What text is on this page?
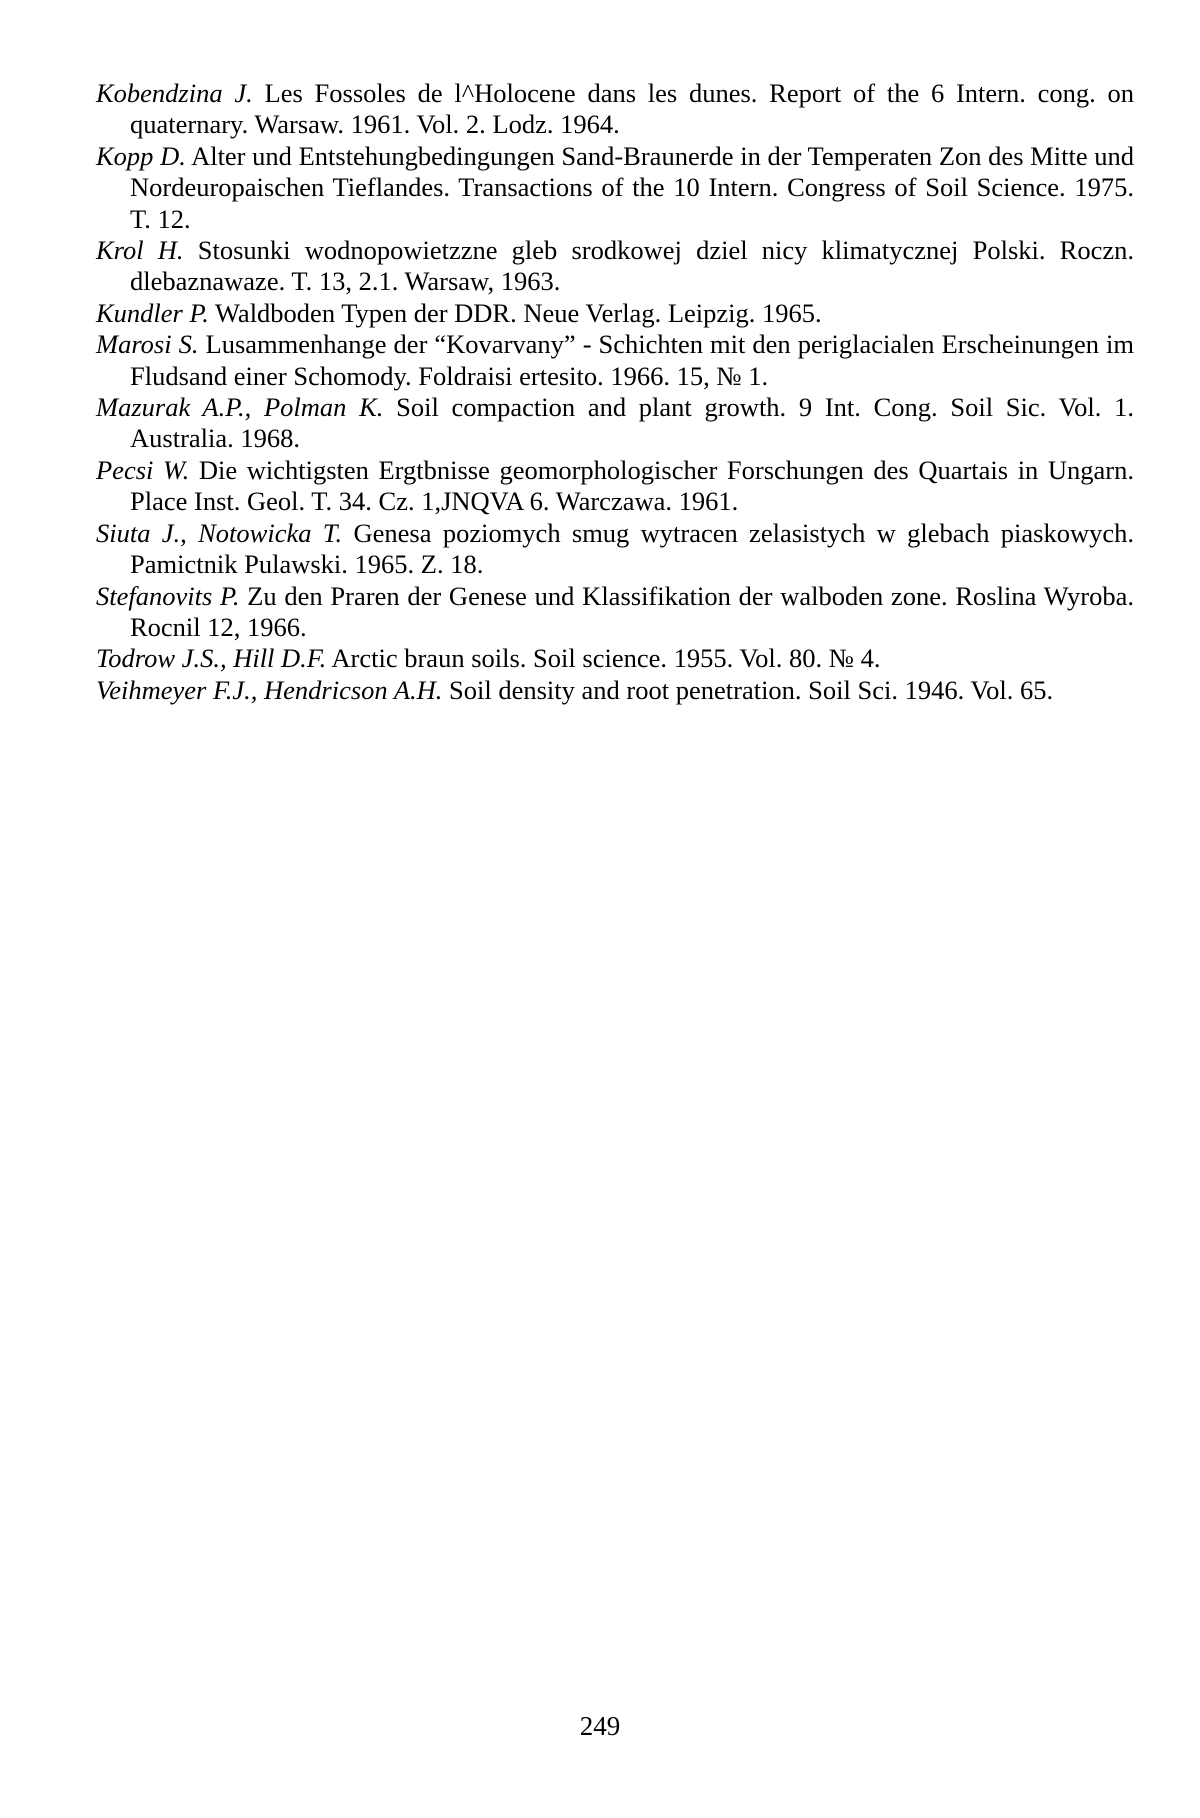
Kobendzina J. Les Fossoles de l^Holocene dans les dunes. Report of the 6 Intern. cong. on quaternary. Warsaw. 1961. Vol. 2. Lodz. 1964.
Kopp D. Alter und Entstehungbedingungen Sand-Braunerde in der Temperaten Zon des Mitte und Nordeuropaischen Tieflandes. Transactions of the 10 Intern. Congress of Soil Science. 1975. T. 12.
Krol H. Stosunki wodnopowietzzne gleb srodkowej dziel nicy klimatycznej Polski. Roczn. dlebaznawaze. T. 13, 2.1. Warsaw, 1963.
Kundler P. Waldboden Typen der DDR. Neue Verlag. Leipzig. 1965.
Marosi S. Lusammenhange der “Kovarvany” - Schichten mit den periglacialen Erscheinungen im Fludsand einer Schomody. Foldraisi ertesito. 1966. 15, № 1.
Mazurak A.P., Polman K. Soil compaction and plant growth. 9 Int. Cong. Soil Sic. Vol. 1. Australia. 1968.
Pecsi W. Die wichtigsten Ergtbnisse geomorphologischer Forschungen des Quartais in Ungarn. Place Inst. Geol. T. 34. Cz. 1,JNQVA 6. Warczawa. 1961.
Siuta J., Notowicka T. Genesa poziomych smug wytracen zelasistych w glebach piaskowych. Pamictnik Pulawski. 1965. Z. 18.
Stefanovits P. Zu den Praren der Genese und Klassifikation der walboden zone. Roslina Wyroba. Rocnil 12, 1966.
Todrow J.S., Hill D.F. Arctic braun soils. Soil science. 1955. Vol. 80. № 4.
Veihmeyer F.J., Hendricson A.H. Soil density and root penetration. Soil Sci. 1946. Vol. 65.
249
